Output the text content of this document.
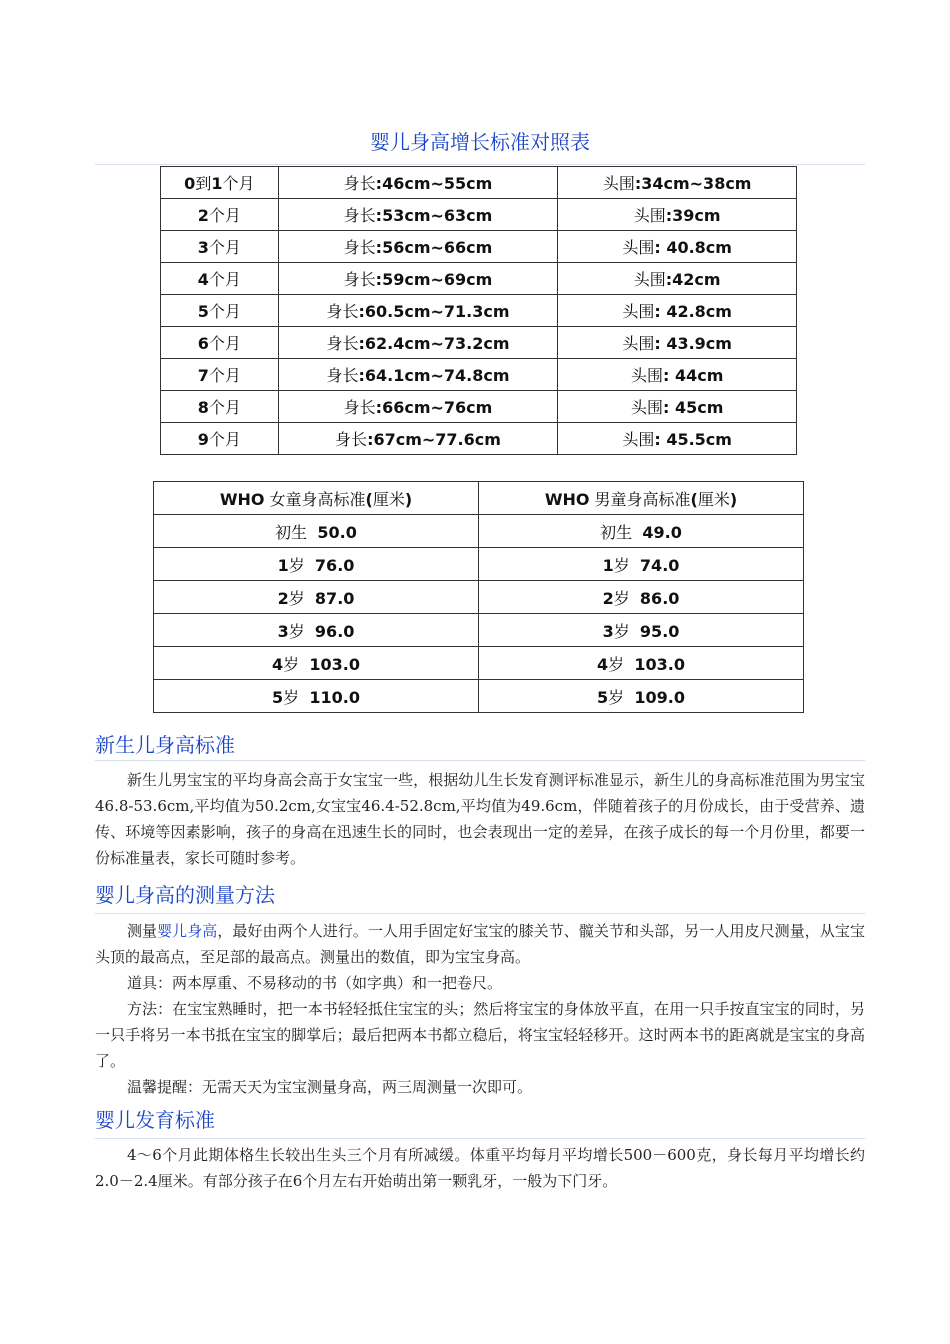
婴儿身高增长标准对照表
0到1个月	身长:46cm~55cm	头围:34cm~38cm
2个月	身长:53cm~63cm	头围:39cm
3个月	身长:56cm~66cm	头围: 40.8cm
4个月	身长:59cm~69cm	头围:42cm
5个月	身长:60.5cm~71.3cm	头围: 42.8cm
6个月	身长:62.4cm~73.2cm	头围: 43.9cm
7个月	身长:64.1cm~74.8cm	头围: 44cm
8个月	身长:66cm~76cm	头围: 45cm
9个月	身长:67cm~77.6cm	头围: 45.5cm
WHO 女童身高标准(厘米)	WHO 男童身高标准(厘米)
初生 50.0	初生 49.0
1岁 76.0	1岁 74.0
2岁 87.0	2岁 86.0
3岁 96.0	3岁 95.0
4岁 103.0	4岁 103.0
5岁 110.0	5岁 109.0
新生儿身高标准

新生儿男宝宝的平均身高会高于女宝宝一些，根据幼儿生长发育测评标准显示，新生儿的身高标准范围为男宝宝46.8-53.6cm,平均值为50.2cm,女宝宝46.4-52.8cm,平均值为49.6cm，伴随着孩子的月份成长，由于受营养、遗传、环境等因素影响，孩子的身高在迅速生长的同时，也会表现出一定的差异，在孩子成长的每一个月份里，都要一份标准量表，家长可随时参考。

婴儿身高的测量方法

测量婴儿身高，最好由两个人进行。一人用手固定好宝宝的膝关节、髋关节和头部，另一人用皮尺测量，从宝宝头顶的最高点，至足部的最高点。测量出的数值，即为宝宝身高。

道具：两本厚重、不易移动的书（如字典）和一把卷尺。

方法：在宝宝熟睡时，把一本书轻轻抵住宝宝的头；然后将宝宝的身体放平直，在用一只手按直宝宝的同时，另一只手将另一本书抵在宝宝的脚掌后；最后把两本书都立稳后，将宝宝轻轻移开。这时两本书的距离就是宝宝的身高了。

温馨提醒：无需天天为宝宝测量身高，两三周测量一次即可。

婴儿发育标准

4～6个月此期体格生长较出生头三个月有所减缓。体重平均每月平均增长500－600克，身长每月平均增长约2.0－2.4厘米。有部分孩子在6个月左右开始萌出第一颗乳牙，一般为下门牙。
